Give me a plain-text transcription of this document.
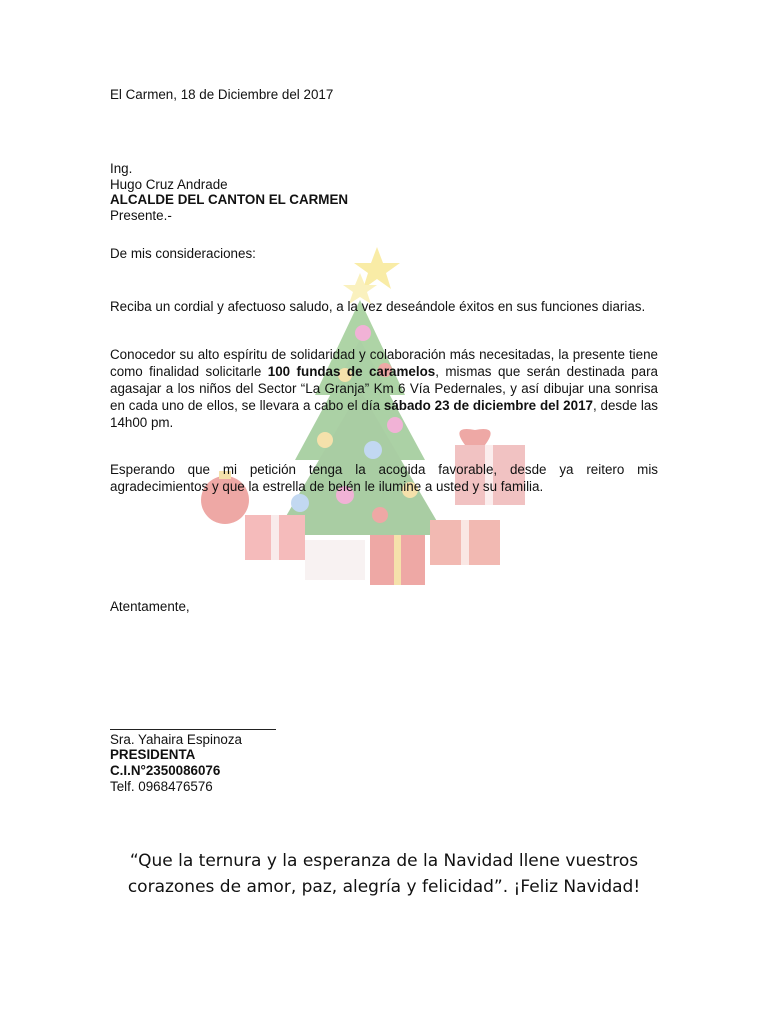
El Carmen, 18 de Diciembre del 2017
Ing.
Hugo Cruz Andrade
ALCALDE DEL CANTON EL CARMEN
Presente.-
De mis consideraciones:
Reciba un cordial y afectuoso saludo, a la vez deseándole éxitos en sus funciones diarias.
Conocedor su alto espíritu de solidaridad y colaboración más necesitadas, la presente tiene como finalidad solicitarle 100 fundas de caramelos, mismas que serán destinada para agasajar a los niños del Sector “La Granja” Km 6 Vía Pedernales, y así dibujar una sonrisa en cada uno de ellos, se llevara a cabo el día sábado 23 de diciembre del 2017, desde las 14h00 pm.
Esperando que mi petición tenga la acogida favorable, desde ya reitero mis agradecimientos y que la estrella de belén le ilumine a usted y su familia.
Atentamente,
Sra. Yahaira Espinoza
PRESIDENTA
C.I.N°2350086076
Telf. 0968476576
“Que la ternura y la esperanza de la Navidad llene vuestros corazones de amor, paz, alegría y felicidad”. ¡Feliz Navidad!
